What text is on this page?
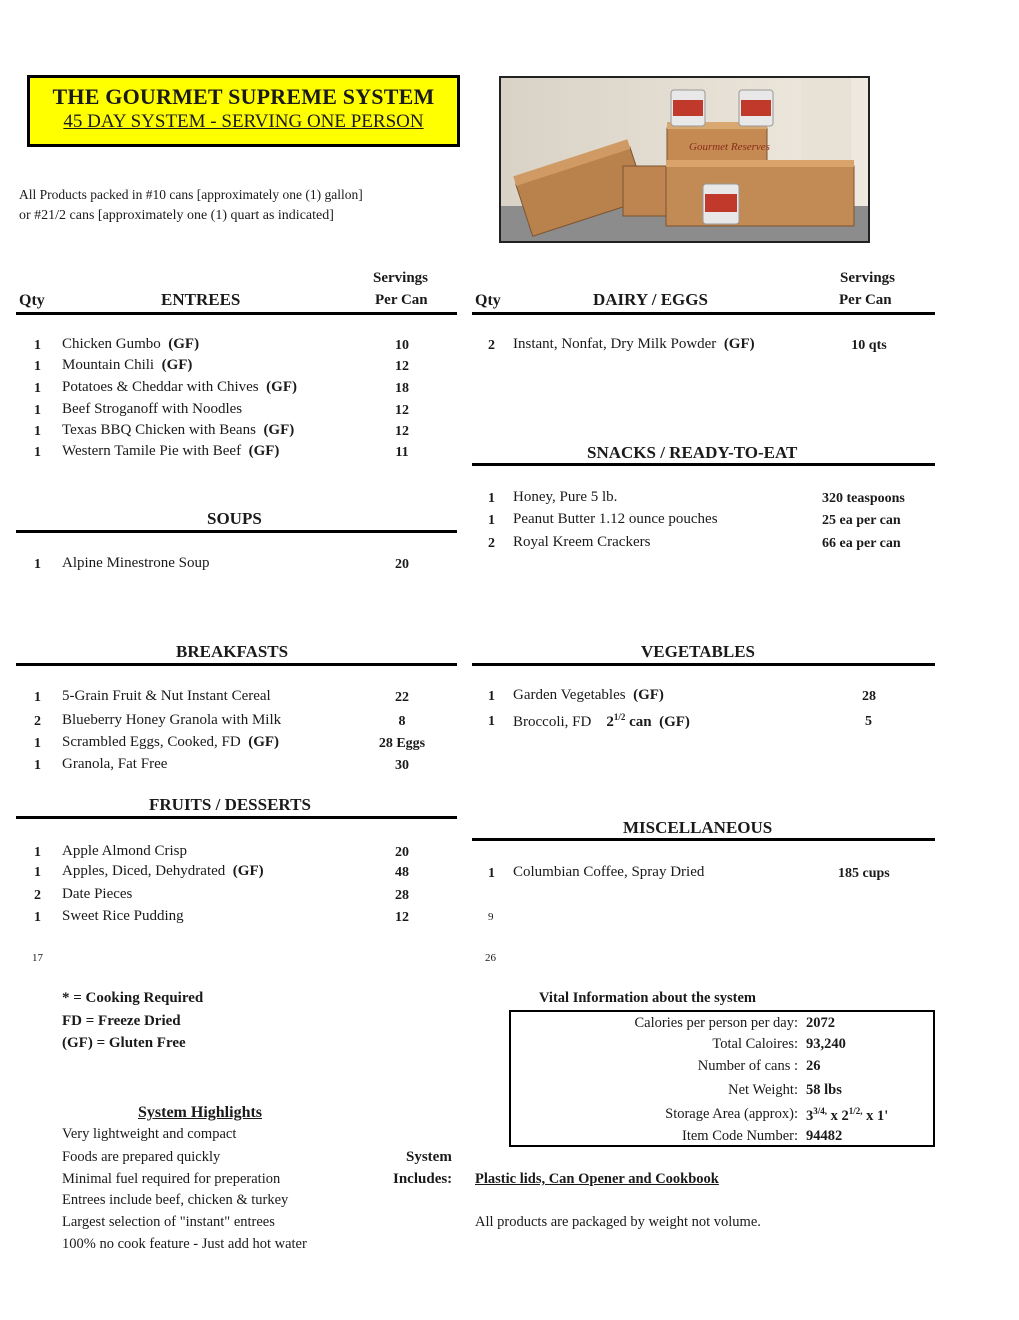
THE GOURMET SUPREME SYSTEM
45 DAY SYSTEM - SERVING ONE PERSON
All Products packed in #10 cans [approximately one (1) gallon]
or #21/2 cans [approximately one (1) quart as indicated]
Gourmet Reserves
Servings
Qty	ENTREES	Per Can
1 Chicken Gumbo (GF)	10
1 Mountain Chili (GF)	12
1 Potatoes & Cheddar with Chives (GF)	18
1 Beef Stroganoff with Noodles	12
1 Texas BBQ Chicken with Beans (GF)	12
1 Western Tamile Pie with Beef (GF)	11
SOUPS
1 Alpine Minestrone Soup	20
BREAKFASTS
1 5-Grain Fruit & Nut Instant Cereal	22
2 Blueberry Honey Granola with Milk	8
1 Scrambled Eggs, Cooked, FD (GF)	28 Eggs
1 Granola, Fat Free	30
FRUITS / DESSERTS
1 Apple Almond Crisp	20
1 Apples, Diced, Dehydrated (GF)	48
2 Date Pieces	28
1 Sweet Rice Pudding	12
17
Servings
Qty	DAIRY / EGGS	Per Can
2 Instant, Nonfat, Dry Milk Powder (GF)	10 qts
SNACKS / READY-TO-EAT
1 Honey, Pure 5 lb.	320 teaspoons
1 Peanut Butter 1.12 ounce pouches	25 ea per can
2 Royal Kreem Crackers	66 ea per can
VEGETABLES
1 Garden Vegetables (GF)	28
1 Broccoli, FD $2^{1/2}$ can (GF)	5
MISCELLANEOUS
1 Columbian Coffee, Spray Dried	185 cups
9
26
* = Cooking Required
FD = Freeze Dried
(GF) = Gluten Free
Vital Information about the system
Calories per person per day: 2072
Total Caloires: 93,240
Number of cans : 26
Net Weight: 58 lbs
Storage Area (approx): $3^{3/4,}$ x $2^{1/2,}$ x 1'
Item Code Number: 94482
System Highlights
Very lightweight and compact
Foods are prepared quickly
Minimal fuel required for preperation
Entrees include beef, chicken & turkey
Largest selection of "instant" entrees
100% no cook feature - Just add hot water
System
Includes: Plastic lids, Can Opener and Cookbook
All products are packaged by weight not volume.
